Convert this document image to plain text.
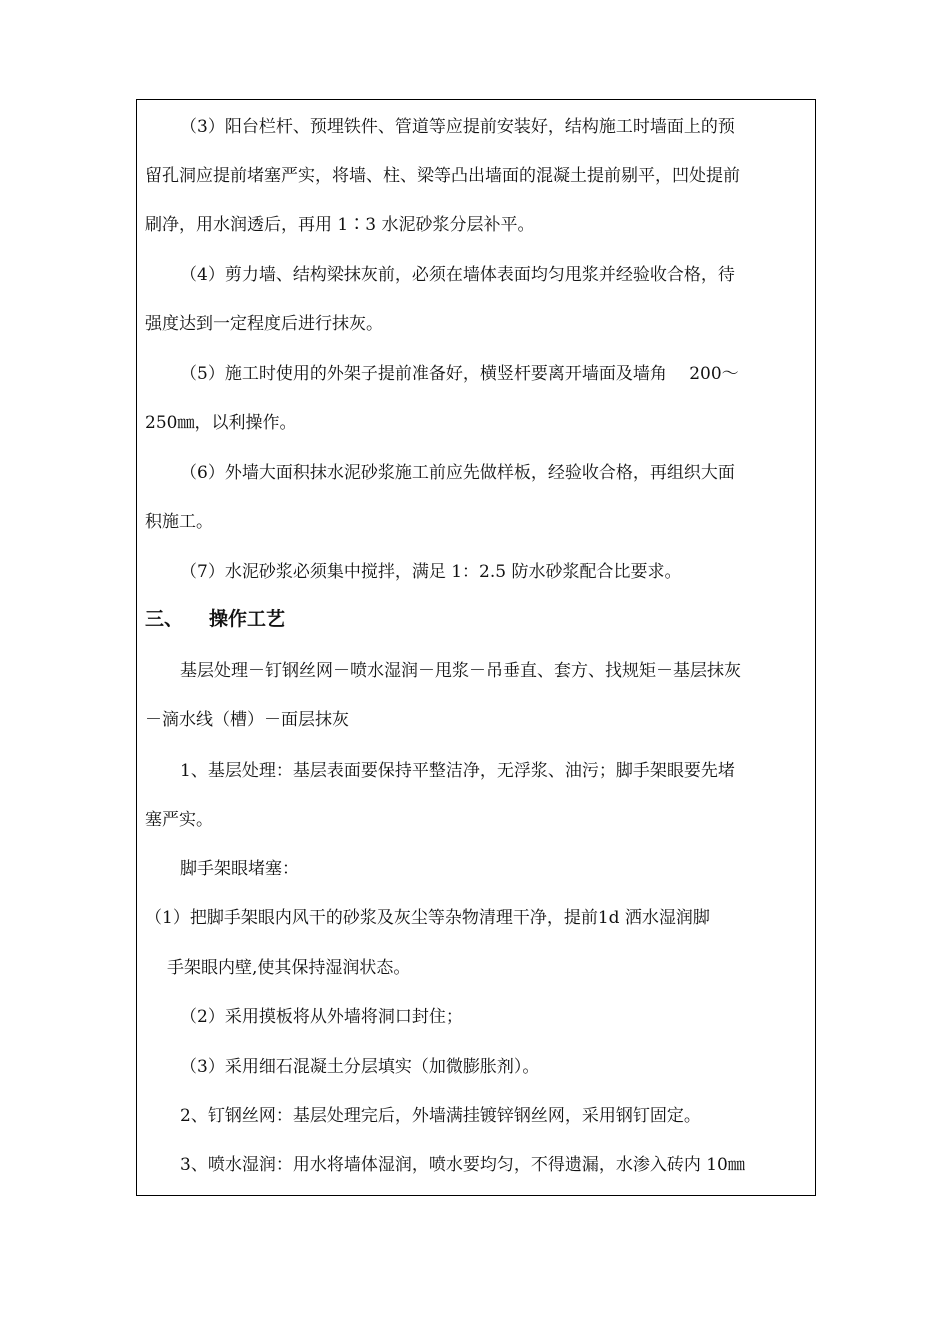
（3）阳台栏杆、预埋铁件、管道等应提前安装好，结构施工时墙面上的预
留孔洞应提前堵塞严实，将墙、柱、梁等凸出墙面的混凝土提前剔平，凹处提前
刷净，用水润透后，再用 1∶3 水泥砂浆分层补平。
（4）剪力墙、结构梁抹灰前，必须在墙体表面均匀甩浆并经验收合格，待
强度达到一定程度后进行抹灰。
（5）施工时使用的外架子提前准备好，横竖杆要离开墙面及墙角　 200～
250㎜，以利操作。
（6）外墙大面积抹水泥砂浆施工前应先做样板，经验收合格，再组织大面
积施工。
（7）水泥砂浆必须集中搅拌，满足 1：2.5 防水砂浆配合比要求。
三、 操作工艺
基层处理－钉钢丝网－喷水湿润－甩浆－吊垂直、套方、找规矩－基层抹灰
－滴水线（槽）－面层抹灰
1、基层处理：基层表面要保持平整洁净，无浮浆、油污；脚手架眼要先堵
塞严实。
脚手架眼堵塞：
（1）把脚手架眼内风干的砂浆及灰尘等杂物清理干净，提前1d 洒水湿润脚
手架眼内壁,使其保持湿润状态。
（2）采用摸板将从外墙将洞口封住；
（3）采用细石混凝土分层填实（加微膨胀剂）。
2、钉钢丝网：基层处理完后，外墙满挂镀锌钢丝网，采用钢钉固定。
3、喷水湿润：用水将墙体湿润，喷水要均匀，不得遗漏，水渗入砖内 10㎜
